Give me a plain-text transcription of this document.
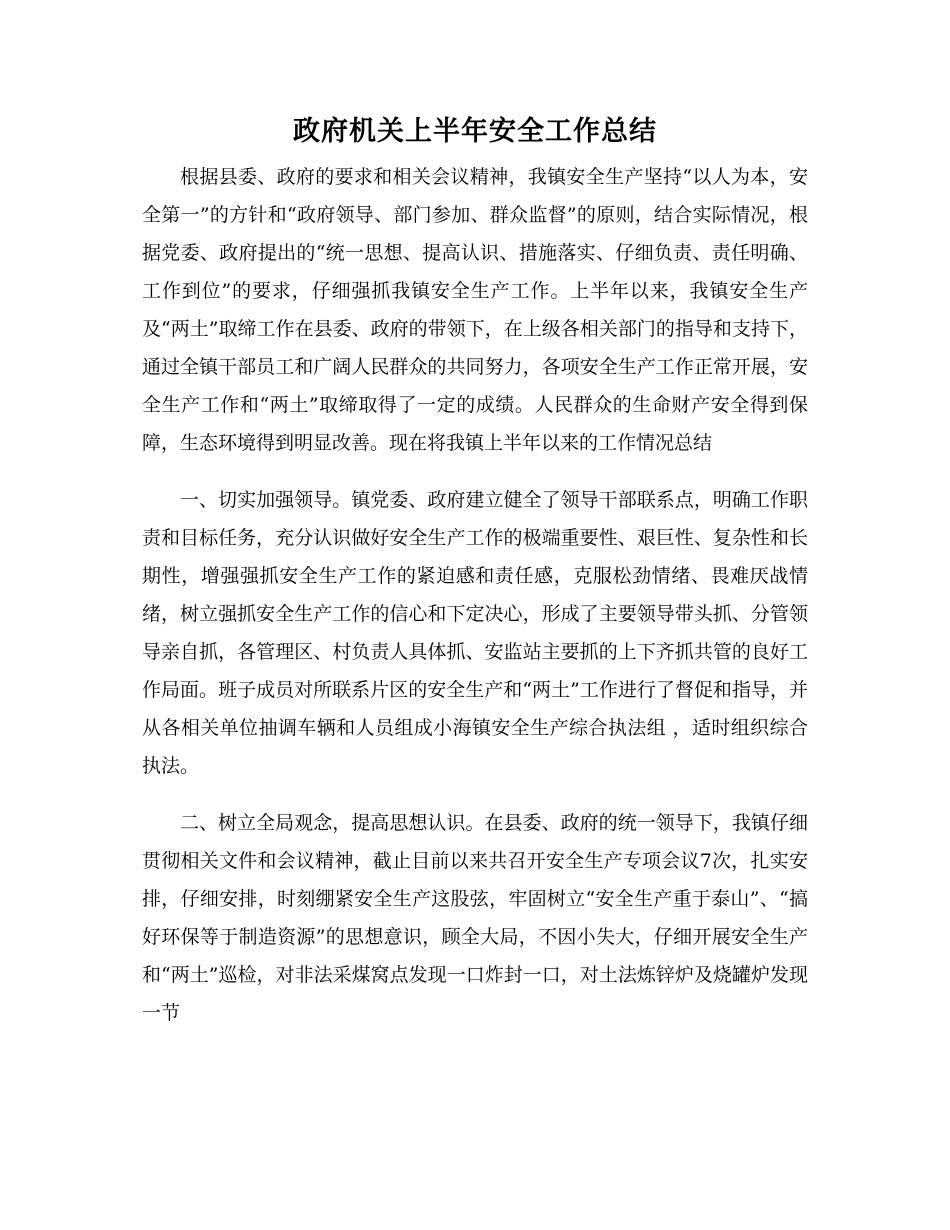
政府机关上半年安全工作总结

根据县委、政府的要求和相关会议精神，我镇安全生产坚持“以人为本，安全第一”的方针和“政府领导、部门参加、群众监督”的原则，结合实际情况，根据党委、政府提出的“统一思想、提高认识、措施落实、仔细负责、责任明确、工作到位”的要求，仔细强抓我镇安全生产工作。上半年以来，我镇安全生产及“两土”取缔工作在县委、政府的带领下，在上级各相关部门的指导和支持下，通过全镇干部员工和广阔人民群众的共同努力，各项安全生产工作正常开展，安全生产工作和“两土”取缔取得了一定的成绩。人民群众的生命财产安全得到保障，生态环境得到明显改善。现在将我镇上半年以来的工作情况总结

一、切实加强领导。镇党委、政府建立健全了领导干部联系点，明确工作职责和目标任务，充分认识做好安全生产工作的极端重要性、艰巨性、复杂性和长期性，增强强抓安全生产工作的紧迫感和责任感，克服松劲情绪、畏难厌战情绪，树立强抓安全生产工作的信心和下定决心，形成了主要领导带头抓、分管领导亲自抓，各管理区、村负责人具体抓、安监站主要抓的上下齐抓共管的良好工作局面。班子成员对所联系片区的安全生产和“两土”工作进行了督促和指导，并从各相关单位抽调车辆和人员组成小海镇安全生产综合执法组 ，适时组织综合执法。

二、树立全局观念，提高思想认识。在县委、政府的统一领导下，我镇仔细贯彻相关文件和会议精神，截止目前以来共召开安全生产专项会议7次，扎实安排，仔细安排，时刻绷紧安全生产这股弦，牢固树立“安全生产重于泰山”、“搞好环保等于制造资源”的思想意识，顾全大局，不因小失大，仔细开展安全生产和“两土”巡检，对非法采煤窝点发现一口炸封一口，对土法炼锌炉及烧罐炉发现一节
